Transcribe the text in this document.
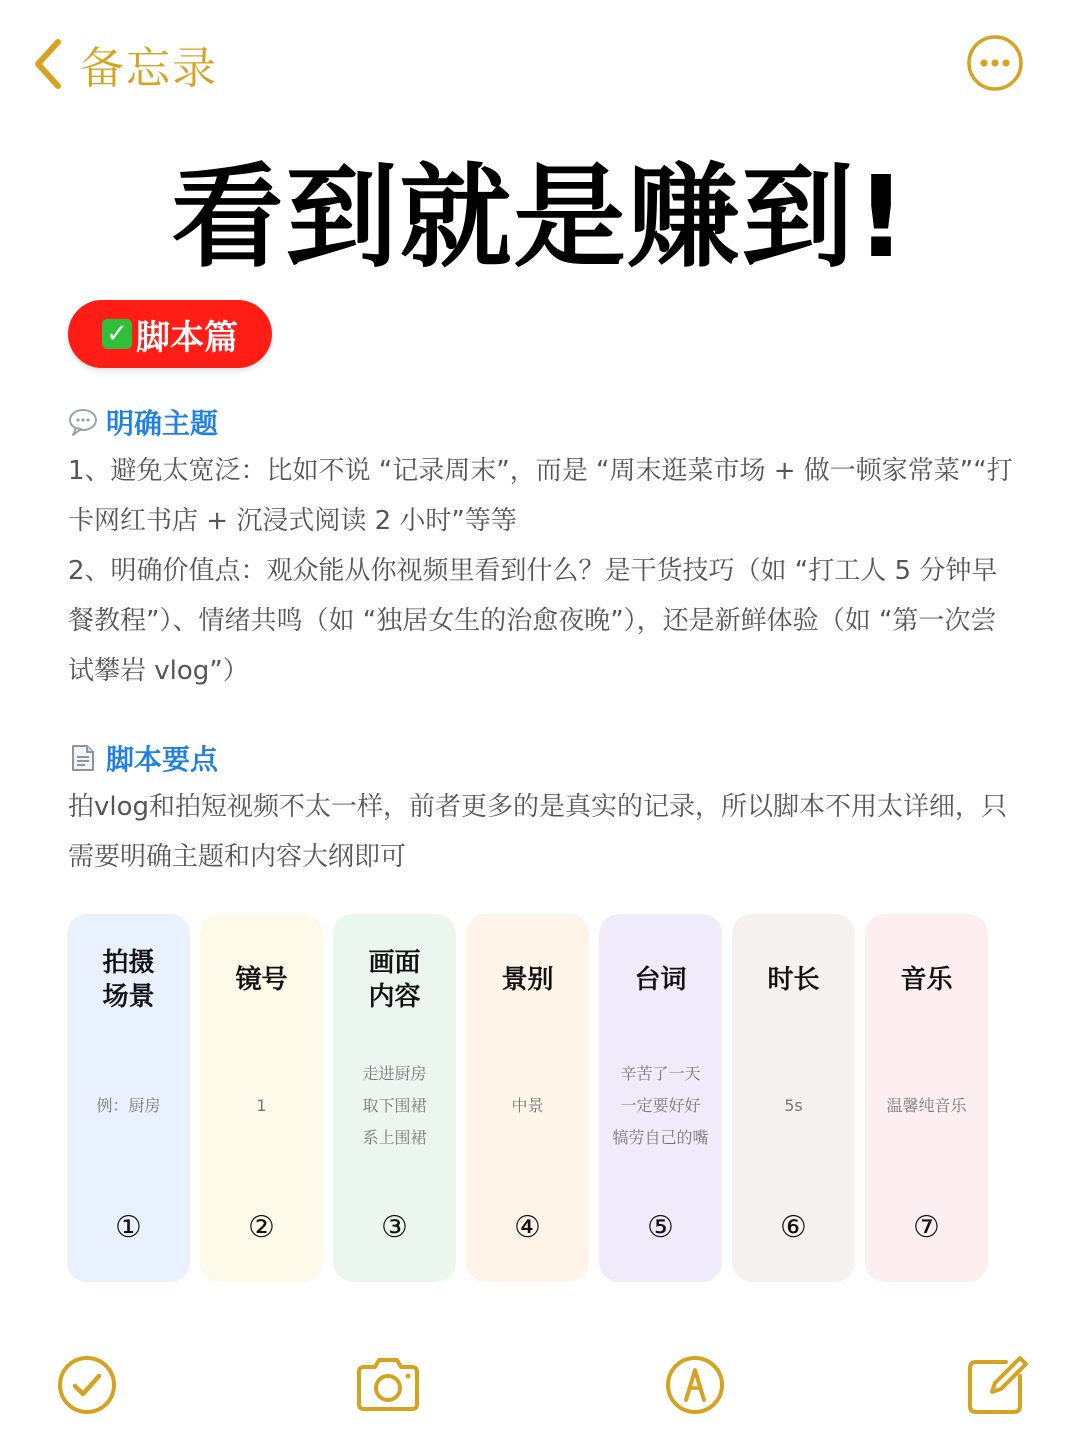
备忘录
看到就是赚到!
✓ 脚本篇
明确主题
1、避免太宽泛：比如不说 “记录周末”，而是 “周末逛菜市场 + 做一顿家常菜”“打卡网红书店 + 沉浸式阅读 2 小时”等等
2、明确价值点：观众能从你视频里看到什么？是干货技巧（如 “打工人 5 分钟早餐教程”）、情绪共鸣（如 “独居女生的治愈夜晚”），还是新鲜体验（如 “第一次尝试攀岩 vlog”）
脚本要点
拍vlog和拍短视频不太一样，前者更多的是真实的记录，所以脚本不用太详细，只需要明确主题和内容大纲即可
拍摄
场景
例：厨房
①
镜号
1
②
画面
内容
走进厨房
取下围裙
系上围裙
③
景别
中景
④
台词
辛苦了一天
一定要好好
犒劳自己的嘴
⑤
时长
5s
⑥
音乐
温馨纯音乐
⑦
